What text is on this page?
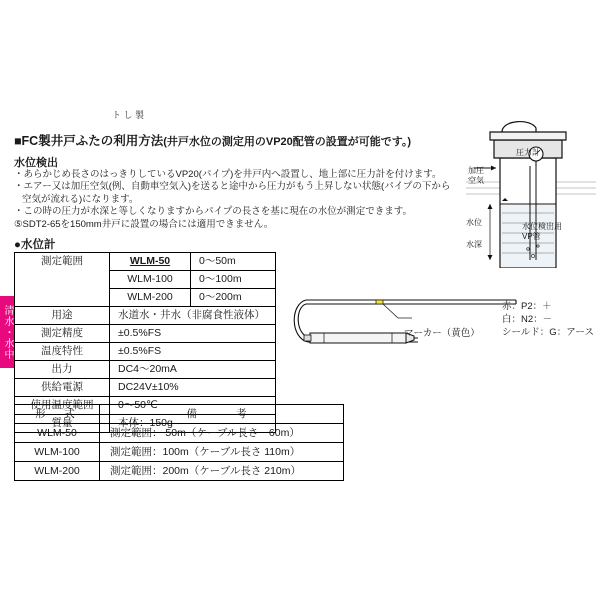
清水・水中
ト し 製
■FC製井戸ふたの利用方法(井戸水位の測定用のVP20配管の設置が可能です。)
水位検出

・あらかじめ長さのはっきりしているVP20(パイプ)を井戸内へ設置し、地上部に圧力計を付けます。

・エアー又は加圧空気(例、自動車空気入)を送ると途中から圧力がもう上昇しない状態(パイプの下から空気が流れる)になります。

・この時の圧力が水深と等しくなりますからパイプの長さを基に現在の水位が測定できます。

⑤SDT2-65を150mm井戸に設置の場合には適用できません。

●水位計
測定範囲	WLM-50	0～50m
	WLM-100	0～100m
	WLM-200	0～200m
用途	水道水・井水（非腐食性液体）	
測定精度	±0.5%FS	
温度特性	±0.5%FS	
出力	DC4～20mA	
供給電源	DC24V±10%	
使用温度範囲	0～50℃	
質量	本体：150g	
形　式	備　　考
WLM-50	測定範囲： 50m（ケーブル長さ　60m）
WLM-100	測定範囲：100m（ケーブル長さ 110m）
WLM-200	測定範囲：200m（ケーブル長さ 210m）
マーカー（黄色）
赤：P2：＋
白：N2：－
シールド：G：アース
圧力計
加圧
空気
水位
水深
水位検出用
VP管
